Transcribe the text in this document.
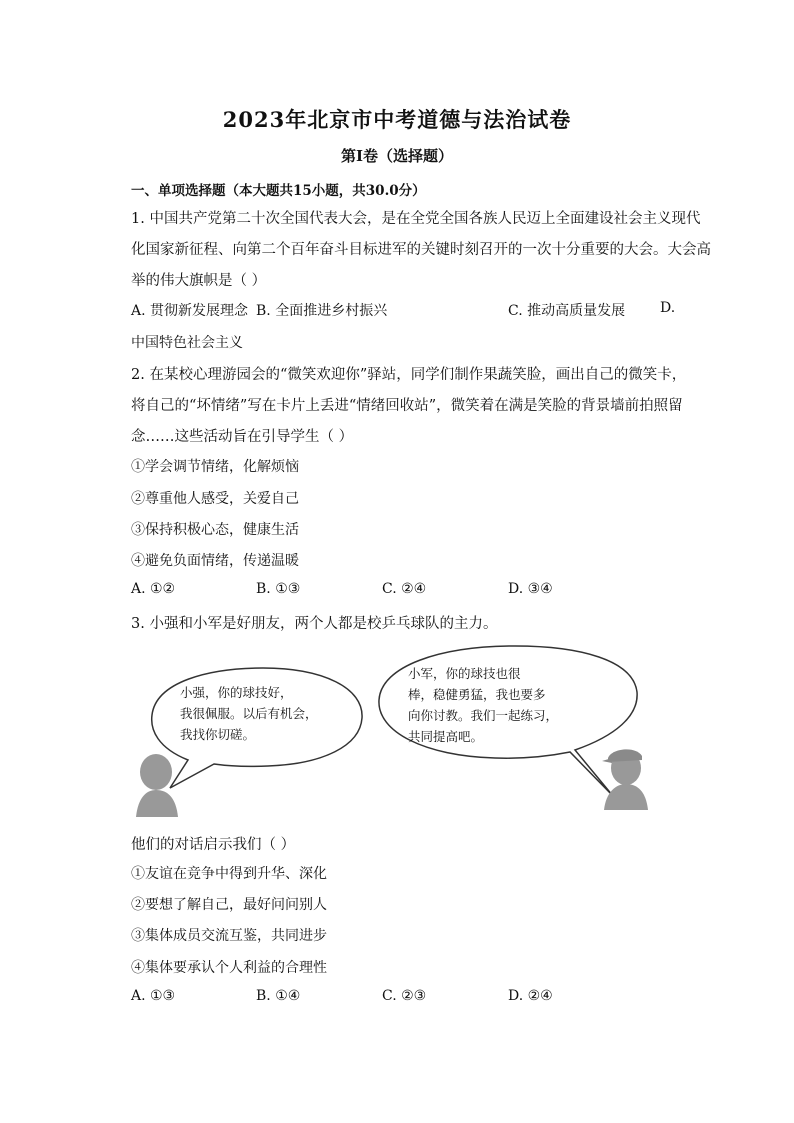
2023年北京市中考道德与法治试卷
第I卷（选择题）
一、单项选择题（本大题共15小题，共30.0分）
1. 中国共产党第二十次全国代表大会，是在全党全国各族人民迈上全面建设社会主义现代
化国家新征程、向第二个百年奋斗目标进军的关键时刻召开的一次十分重要的大会。大会高
举的伟大旗帜是（ ）
A. 贯彻新发展理念 B. 全面推进乡村振兴	C. 推动高质量发展 D.
中国特色社会主义
2. 在某校心理游园会的“微笑欢迎你”驿站，同学们制作果蔬笑脸，画出自己的微笑卡，
将自己的“坏情绪”写在卡片上丢进“情绪回收站”，微笑着在满是笑脸的背景墙前拍照留
念……这些活动旨在引导学生（ ）
①学会调节情绪，化解烦恼
②尊重他人感受，关爱自己
③保持积极心态，健康生活
④避免负面情绪，传递温暖
A. ①②	B. ①③	C. ②④	D. ③④
3. 小强和小军是好朋友，两个人都是校乒乓球队的主力。
小强，你的球技好，
我很佩服。以后有机会，
我找你切磋。
小军，你的球技也很
棒，稳健勇猛，我也要多
向你讨教。我们一起练习，
共同提高吧。
他们的对话启示我们（ ）
①友谊在竞争中得到升华、深化
②要想了解自己，最好问问别人
③集体成员交流互鉴，共同进步
④集体要承认个人利益的合理性
A. ①③	B. ①④	C. ②③	D. ②④
